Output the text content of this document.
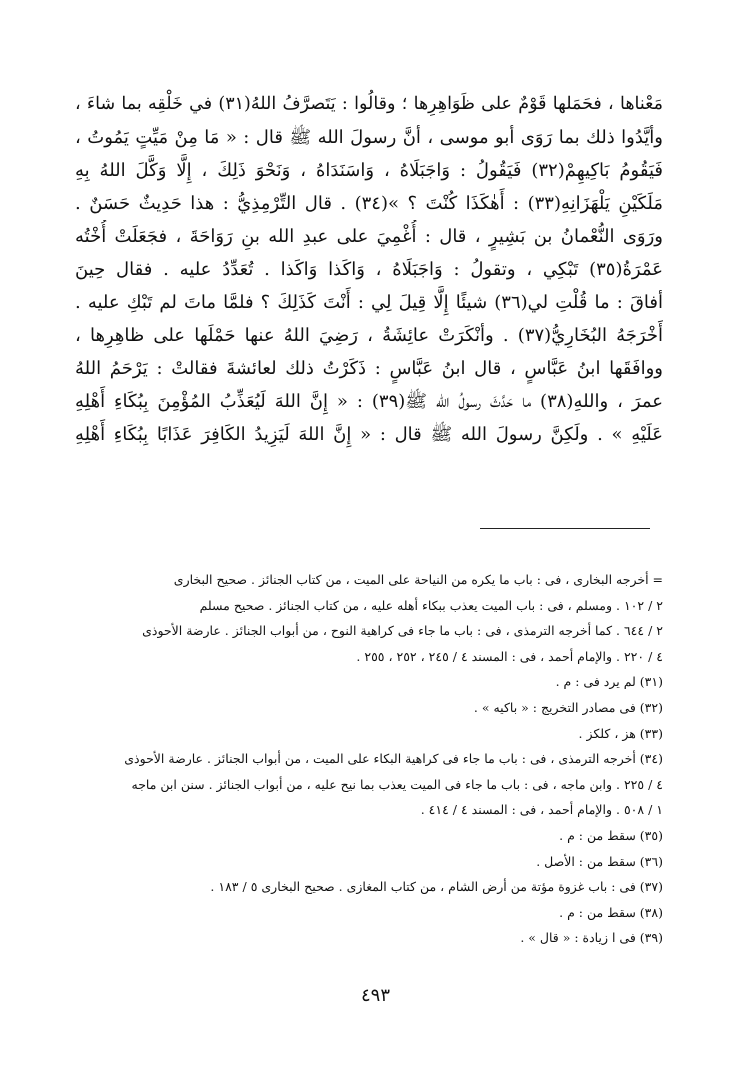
مَعْناها ، فحَمَلها قَوْمٌ على ظَوَاهِرِها ؛ وقالُوا : يَتَصرَّفُ اللهُ(٣١) في خَلْقِه بما شاءَ ،
وأيَّدُوا ذلك بما رَوَى أبو موسى ، أنَّ رسولَ الله ﷺ قال : « مَا مِنْ مَيِّتٍ يَمُوتُ ،
فَيَقُومُ بَاكِيهِمْ(٣٢) فَيَقُولُ : وَاجَبَلَاهُ ، وَاسَنَدَاهُ ، وَنَحْوَ ذَلِكَ ، إِلَّا وَكَّلَ اللهُ بِهِ
مَلَكَيْنِ يَلْهَزَانِهِ(٣٣) : أَهٰكَذَا كُنْتَ ؟ »(٣٤) . قال التِّرْمِذِيُّ : هذا حَدِيثٌ حَسَنٌ .
ورَوَى النُّعْمانُ بن بَشِيرٍ ، قال : أُغْمِيَ على عبدِ الله بنِ رَوَاحَةَ ، فجَعَلَتْ أُخْتُه
عَمْرَةُ(٣٥) تَبْكِي ، وتقولُ : وَاجَبَلَاهُ ، وَاكَذا وَاكَذا . تُعَدِّدُ عليه . فقال حِينَ
أفاقَ : ما قُلْتِ لي(٣٦) شيئًا إِلَّا قِيلَ لِي : أَنْتَ كَذَلِكَ ؟ فلمَّا ماتَ لم تَبْكِ عليه .
أَخْرَجَهُ البُخَارِيُّ(٣٧) . وأنْكَرَتْ عائِشَةُ ، رَضِيَ اللهُ عنها حَمْلَها على ظاهِرِها ،
ووافَقَها ابنُ عَبَّاسٍ ، قال ابنُ عَبَّاسٍ : ذَكَرْتُ ذلك لعائشةَ فقالتْ : يَرْحَمُ اللهُ
عمرَ ، واللهِ(٣٨) ما حَدَّثَ رسولُ الله ﷺ(٣٩) : « إِنَّ اللهَ لَيُعَذِّبُ المُؤْمِنَ بِبُكَاءِ أَهْلِهِ
عَلَيْهِ » . ولَكِنَّ رسولَ الله ﷺ قال : « إِنَّ اللهَ لَيَزِيدُ الكَافِرَ عَذَابًا بِبُكَاءِ أَهْلِهِ
= أخرجه البخارى ، فى : باب ما يكره من النياحة على الميت ، من كتاب الجنائز . صحيح البخارى
٢ / ١٠٢ . ومسلم ، فى : باب الميت يعذب ببكاء أهله عليه ، من كتاب الجنائز . صحيح مسلم
٢ / ٦٤٤ . كما أخرجه الترمذى ، فى : باب ما جاء فى كراهية النوح ، من أبواب الجنائز . عارضة الأحوذى
٤ / ٢٢٠ . والإمام أحمد ، فى : المسند ٤ / ٢٤٥ ، ٢٥٢ ، ٢٥٥ .
(٣١) لم يرد فى : م .
(٣٢) فى مصادر التخريج : « باكيه » .
(٣٣) هز ، كلكز .
(٣٤) أخرجه الترمذى ، فى : باب ما جاء فى كراهية البكاء على الميت ، من أبواب الجنائز . عارضة الأحوذى
٤ / ٢٢٥ . وابن ماجه ، فى : باب ما جاء فى الميت يعذب بما نيح عليه ، من أبواب الجنائز . سنن ابن ماجه
١ / ٥٠٨ . والإمام أحمد ، فى : المسند ٤ / ٤١٤ .
(٣٥) سقط من : م .
(٣٦) سقط من : الأصل .
(٣٧) فى : باب غزوة مؤتة من أرض الشام ، من كتاب المغازى . صحيح البخارى ٥ / ١٨٣ .
(٣٨) سقط من : م .
(٣٩) فى ا زيادة : « قال » .
٤٩٣
